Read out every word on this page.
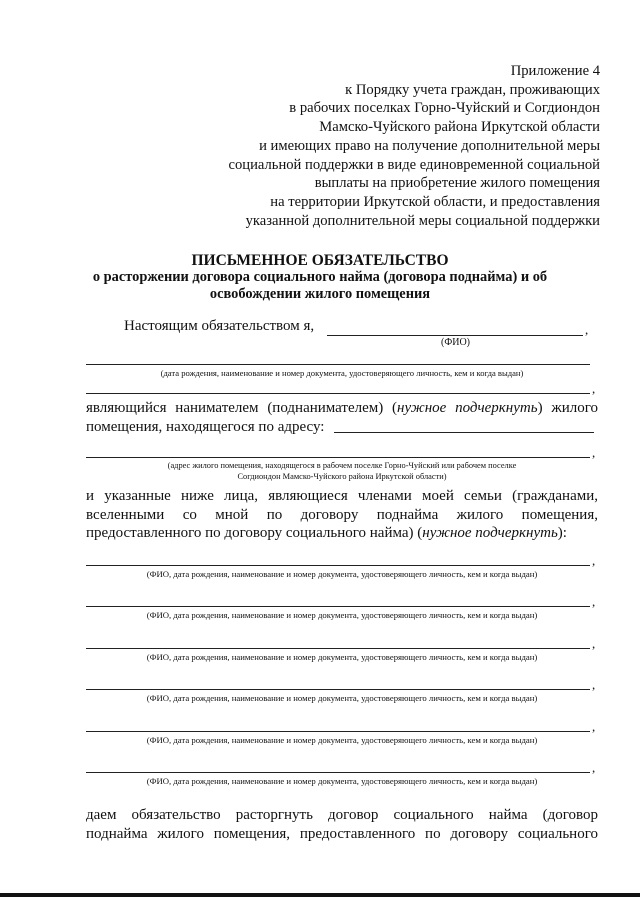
Приложение 4
к Порядку учета граждан, проживающих
в рабочих поселках Горно-Чуйский и Согдиондон
Мамско-Чуйского района Иркутской области
и имеющих право на получение дополнительной меры
социальной поддержки в виде единовременной социальной
выплаты на приобретение жилого помещения
на территории Иркутской области, и предоставления
указанной дополнительной меры социальной поддержки
ПИСЬМЕННОЕ ОБЯЗАТЕЛЬСТВО
о расторжении договора социального найма (договора поднайма) и об
освобождении жилого помещения
Настоящим обязательством я,	,
(ФИО)
(дата рождения, наименование и номер документа, удостоверяющего личность, кем и когда выдан)
,
являющийся нанимателем (поднанимателем) (нужное подчеркнуть) жилого
помещения, находящегося по адресу:
,
(адрес жилого помещения, находящегося в рабочем поселке Горно-Чуйский или рабочем поселке
Согдиондон Мамско-Чуйского района Иркутской области)
и указанные ниже лица, являющиеся членами моей семьи (гражданами,
вселенными со мной по договору поднайма жилого помещения,
предоставленного по договору социального найма) (нужное подчеркнуть):
,
(ФИО, дата рождения, наименование и номер документа, удостоверяющего личность, кем и когда выдан)
,
(ФИО, дата рождения, наименование и номер документа, удостоверяющего личность, кем и когда выдан)
,
(ФИО, дата рождения, наименование и номер документа, удостоверяющего личность, кем и когда выдан)
,
(ФИО, дата рождения, наименование и номер документа, удостоверяющего личность, кем и когда выдан)
,
(ФИО, дата рождения, наименование и номер документа, удостоверяющего личность, кем и когда выдан)
,
(ФИО, дата рождения, наименование и номер документа, удостоверяющего личность, кем и когда выдан)
даем обязательство расторгнуть договор социального найма (договор
поднайма жилого помещения, предоставленного по договору социального
